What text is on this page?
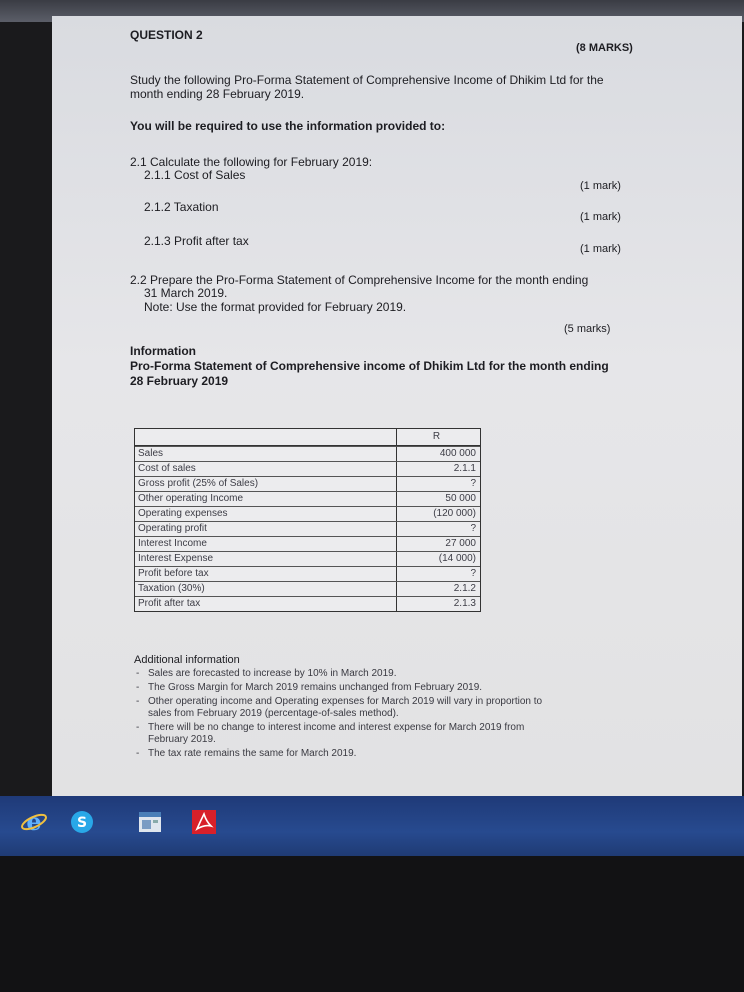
QUESTION 2
(8 MARKS)
Study the following Pro-Forma Statement of Comprehensive Income of Dhikim Ltd for the
month ending 28 February 2019.
You will be required to use the information provided to:
2.1 Calculate the following for February 2019:
2.1.1 Cost of Sales
(1 mark)
2.1.2 Taxation
(1 mark)
2.1.3 Profit after tax
(1 mark)
2.2 Prepare the Pro-Forma Statement of Comprehensive Income for the month ending
31 March 2019.
Note: Use the format provided for February 2019.
(5 marks)
Information
Pro-Forma Statement of Comprehensive income of Dhikim Ltd for the month ending
28 February 2019
R
Sales	400 000
Cost of sales	2.1.1
Gross profit (25% of Sales)	?
Other operating Income	50 000
Operating expenses	(120 000)
Operating profit	?
Interest Income	27 000
Interest Expense	(14 000)
Profit before tax	?
Taxation (30%)	2.1.2
Profit after tax	2.1.3
Additional information
- Sales are forecasted to increase by 10% in March 2019.
- The Gross Margin for March 2019 remains unchanged from February 2019.
- Other operating income and Operating expenses for March 2019 will vary in proportion to
sales from February 2019 (percentage-of-sales method).
- There will be no change to interest income and interest expense for March 2019 from
February 2019.
- The tax rate remains the same for March 2019.
e	S
